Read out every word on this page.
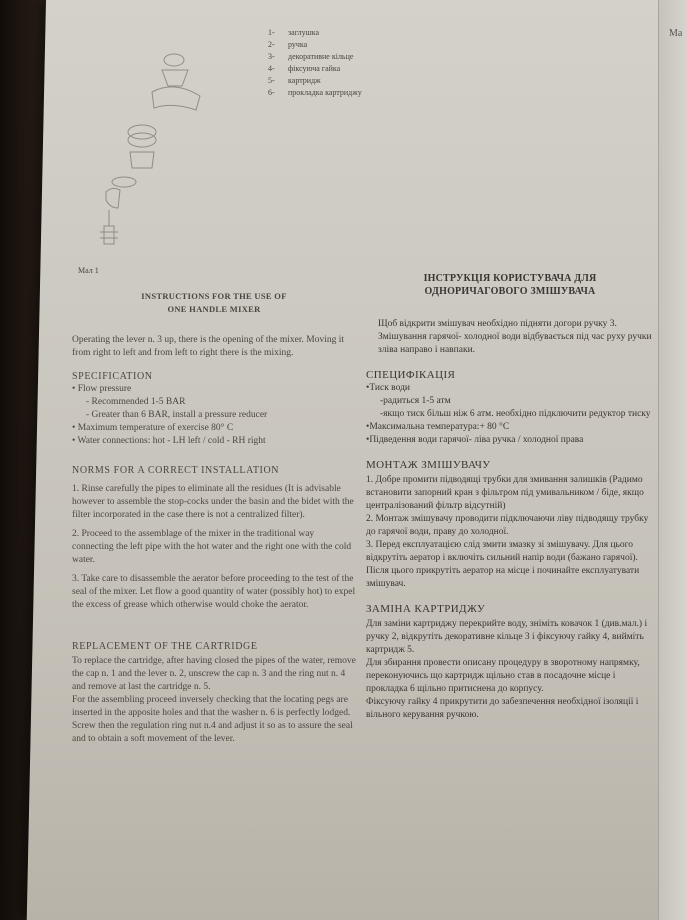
Ma
1- заглушка
2- ручка
3- декоративне кільце
4- фіксуюча гайка
5- картридж
6- прокладка картриджу
Мал 1
INSTRUCTIONS FOR THE USE OF
ONE HANDLE MIXER
Operating the lever n. 3 up, there is the opening of the mixer. Moving it from right to left and from left to right there is the mixing.
SPECIFICATION
• Flow pressure
- Recommended 1-5 BAR
- Greater than 6 BAR, install a pressure reducer
• Maximum temperature of exercise 80° C
• Water connections: hot - LH left / cold - RH right
NORMS FOR A CORRECT INSTALLATION
1. Rinse carefully the pipes to eliminate all the residues (It is advisable however to assemble the stop-cocks under the basin and the bidet with the filter incorporated in the case there is not a centralized filter).
2. Proceed to the assemblage of the mixer in the traditional way connecting the left pipe with the hot water and the right one with the cold water.
3. Take care to disassemble the aerator before proceeding to the test of the seal of the mixer. Let flow a good quantity of water (possibly hot) to expel the excess of grease which otherwise would choke the aerator.
REPLACEMENT OF THE CARTRIDGE
To replace the cartridge, after having closed the pipes of the water, remove the cap n. 1 and the lever n. 2, unscrew the cap n. 3 and the ring nut n. 4 and remove at last the cartridge n. 5.
For the assembling proceed inversely checking that the locating pegs are inserted in the apposite holes and that the washer n. 6 is perfectly lodged.
Screw then the regulation ring nut n.4 and adjust it so as to assure the seal and to obtain a soft movement of the lever.
ІНСТРУКЦІЯ КОРИСТУВАЧА ДЛЯ
ОДНОРИЧАГОВОГО ЗМІШУВАЧА
Щоб відкрити змішувач необхідно підняти догори ручку 3.
Змішування гарячої- холодної води відбувається під час руху ручки зліва направо і навпаки.
СПЕЦИФІКАЦІЯ
•Тиск води
-радиться 1-5 атм
-якщо тиск більш ніж 6 атм. необхідно підключити редуктор тиску
•Максимальна температура:+ 80 °С
•Підведення води гарячої- ліва ручка / холодної права
МОНТАЖ ЗМІШУВАЧУ
1. Добре промити підводящі трубки для змивання залишків (Радимо встановити запорний кран з фільтром під умивальником / біде, якщо централізований фільтр відсутній)
2. Монтаж змішувачу проводити підключаючи ліву підводящу трубку до гарячої води, праву до холодної.
3. Перед експлуатацією слід змити змазку зі змішувачу. Для цього відкрутіть аератор і включіть сильний напір води (бажано гарячої). Після цього прикрутіть аератор на місце і починайте експлуатувати змішувач.
ЗАМІНА КАРТРИДЖУ
Для заміни картриджу перекрийте воду, зніміть ковачок 1 (див.мал.) і ручку 2, відкрутіть декоративне кільце 3 і фіксуючу гайку 4, вийміть картридж 5.
Для збирання провести описану процедуру в зворотному напрямку, переконуючись що картридж щільно став в посадочне місце і прокладка 6 щільно притиснена до корпусу.
Фіксуючу гайку 4 прикрутити до забезпечення необхідної ізоляції і вільного керування ручкою.
